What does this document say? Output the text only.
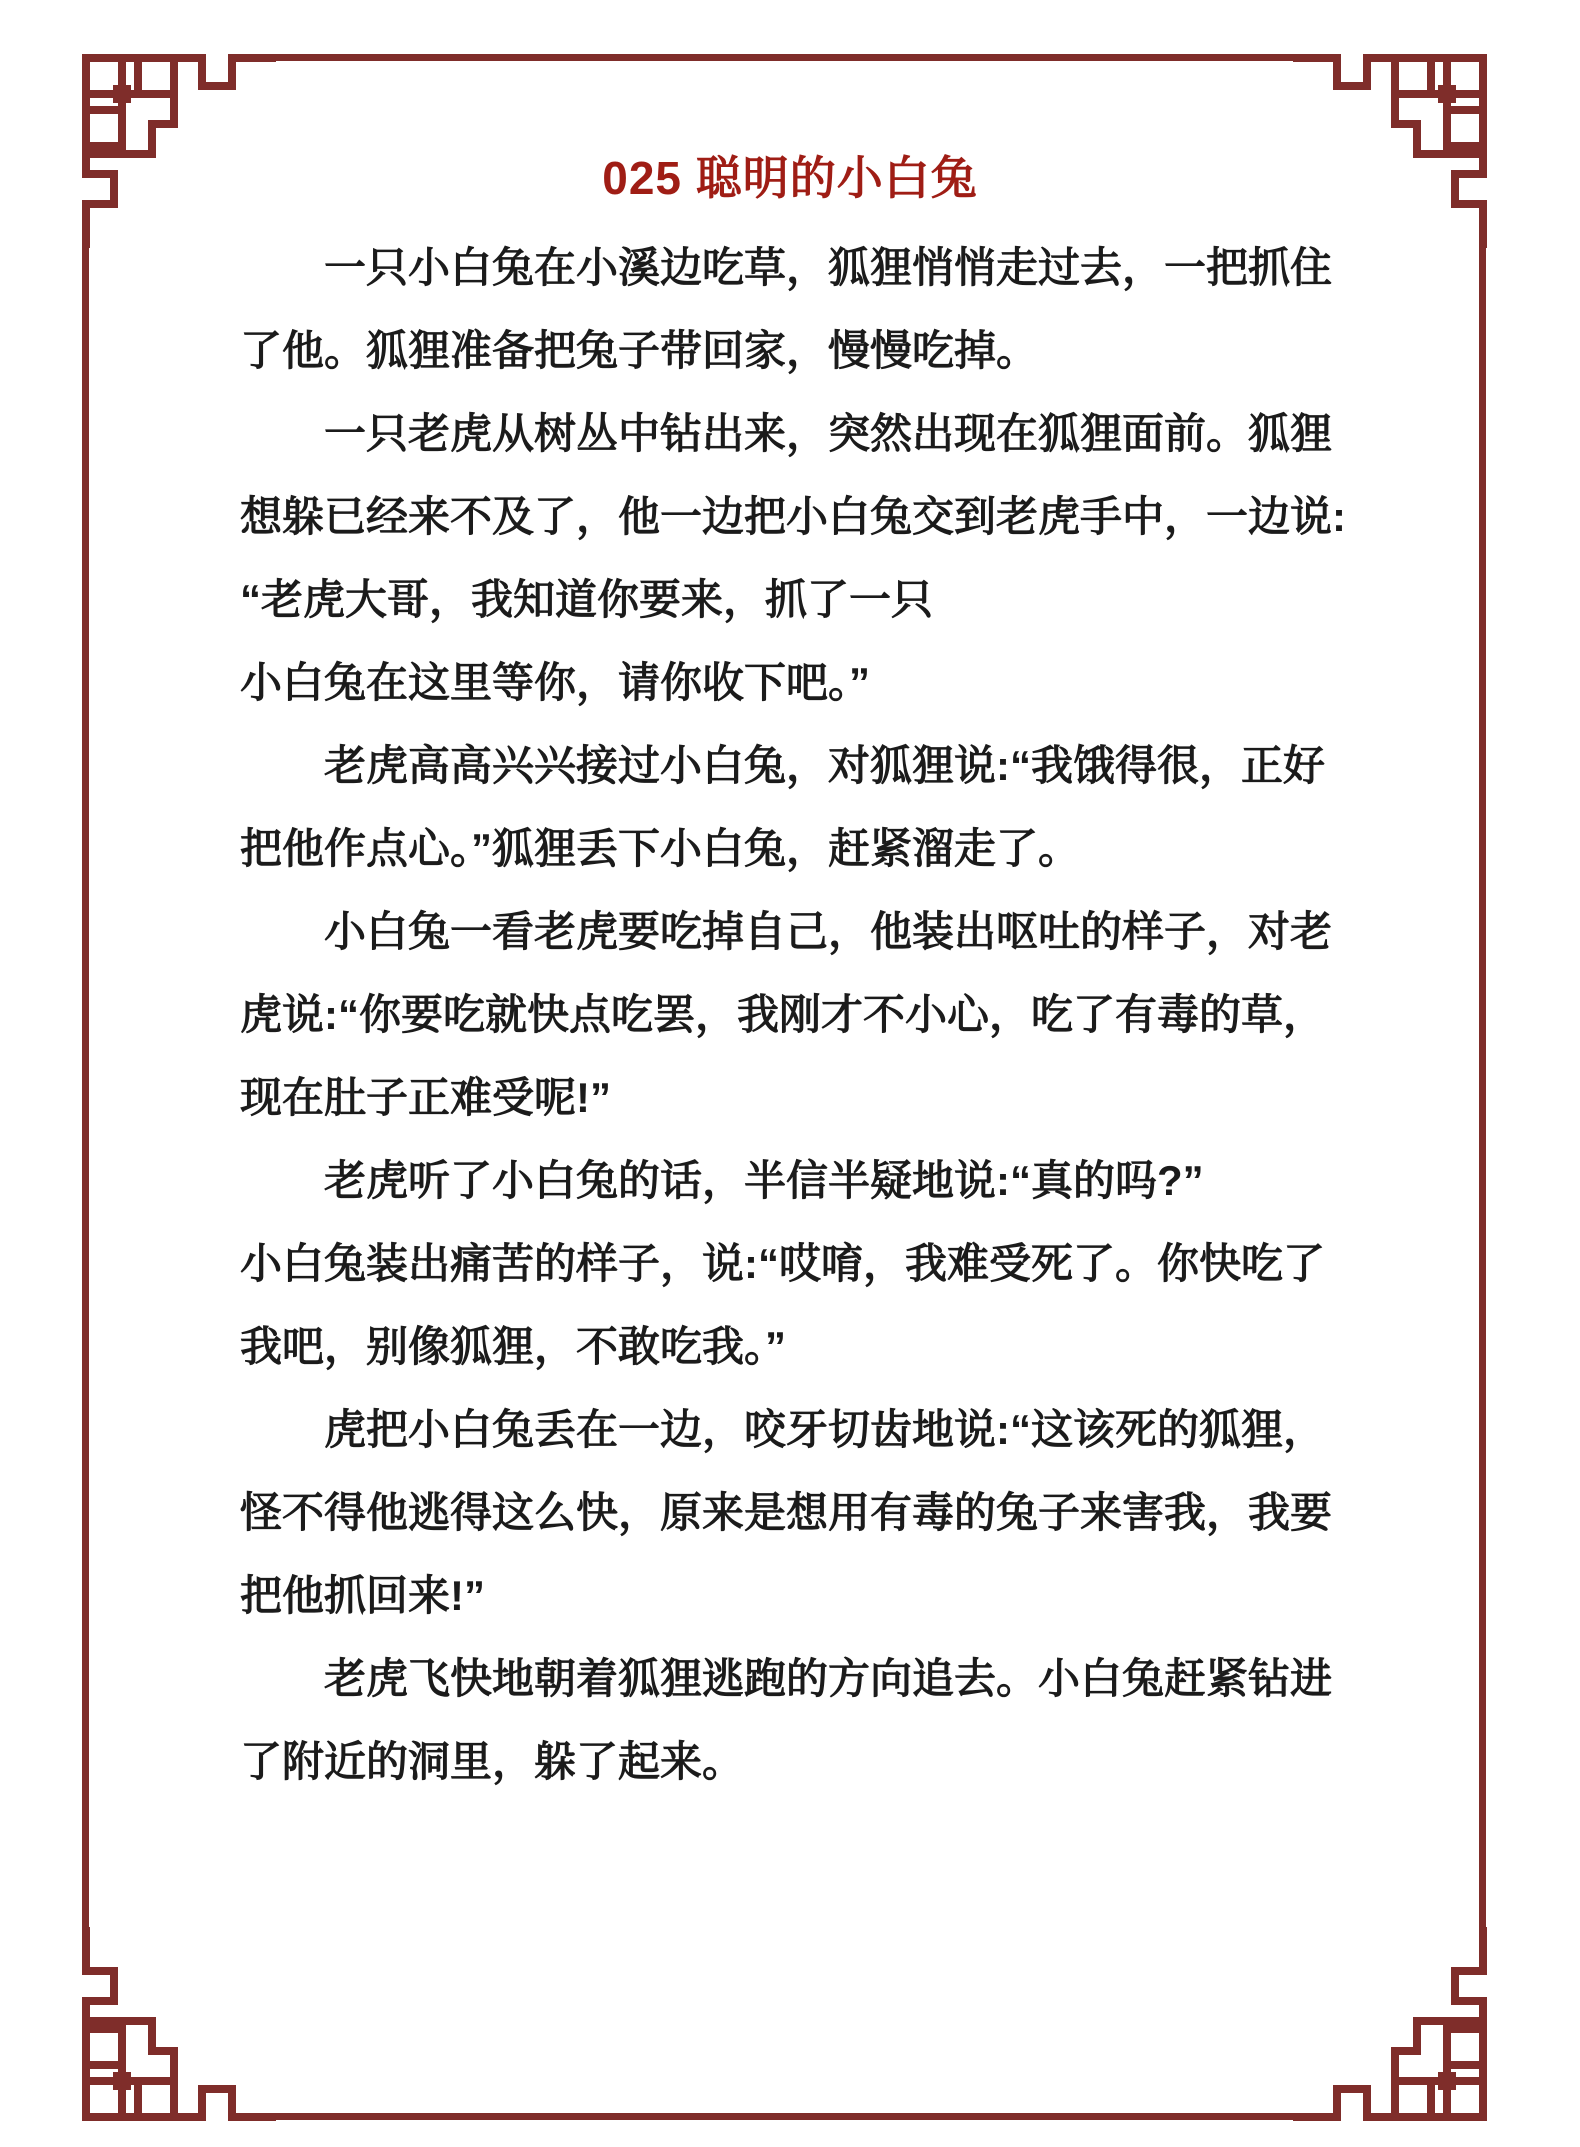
025 聪明的小白兔
一只小白兔在小溪边吃草，狐狸悄悄走过去，一把抓住
了他。狐狸准备把兔子带回家，慢慢吃掉。
一只老虎从树丛中钻出来，突然出现在狐狸面前。狐狸
想躲已经来不及了，他一边把小白兔交到老虎手中，一边说:
“老虎大哥，我知道你要来，抓了一只
小白兔在这里等你，请你收下吧。”
老虎高高兴兴接过小白兔，对狐狸说:“我饿得很，正好
把他作点心。”狐狸丢下小白兔，赶紧溜走了。
小白兔一看老虎要吃掉自己，他装出呕吐的样子，对老
虎说:“你要吃就快点吃罢，我刚才不小心，吃了有毒的草，
现在肚子正难受呢!”
老虎听了小白兔的话，半信半疑地说:“真的吗?”
小白兔装出痛苦的样子，说:“哎唷，我难受死了。你快吃了
我吧，别像狐狸，不敢吃我。”
虎把小白兔丢在一边，咬牙切齿地说:“这该死的狐狸，
怪不得他逃得这么快，原来是想用有毒的兔子来害我，我要
把他抓回来!”
老虎飞快地朝着狐狸逃跑的方向追去。小白兔赶紧钻进
了附近的洞里，躲了起来。
